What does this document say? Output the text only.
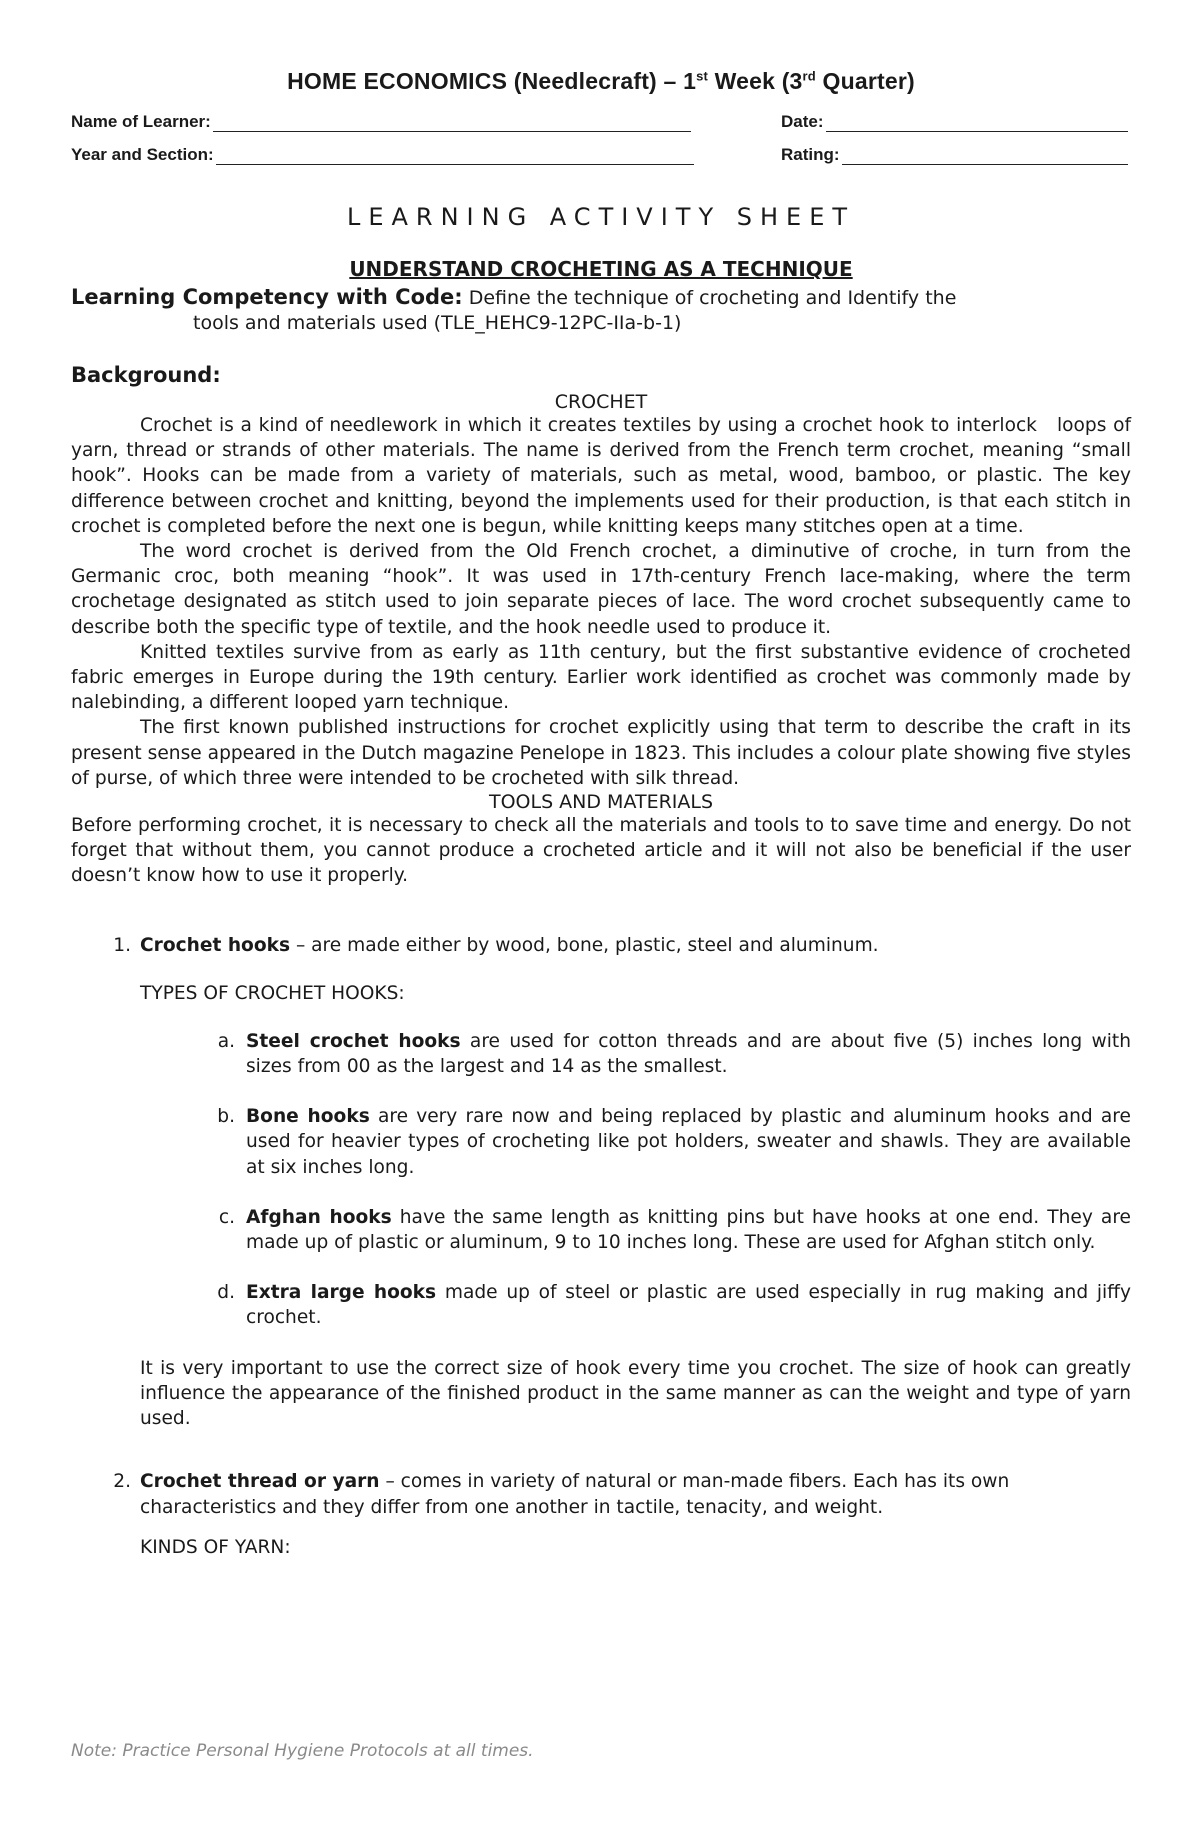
HOME ECONOMICS (Needlecraft) – 1st Week (3rd Quarter)
Name of Learner:	Date:
Year and Section:	Rating:
LEARNING ACTIVITY SHEET
UNDERSTAND CROCHETING AS A TECHNIQUE
Learning Competency with Code: Define the technique of crocheting and Identify the
tools and materials used (TLE_HEHC9-12PC-IIa-b-1)
Background:
CROCHET

Crochet is a kind of needlework in which it creates textiles by using a crochet hook to interlock   loops of yarn, thread or strands of other materials. The name is derived from the French term crochet, meaning “small hook”. Hooks can be made from a variety of materials, such as metal, wood, bamboo, or plastic. The key difference between crochet and knitting, beyond the implements used for their production, is that each stitch in crochet is completed before the next one is begun, while knitting keeps many stitches open at a time.

The word crochet is derived from the Old French crochet, a diminutive of croche, in turn from the Germanic croc, both meaning “hook”. It was used in 17th-century French lace-making, where the term crochetage designated as stitch used to join separate pieces of lace. The word crochet subsequently came to describe both the specific type of textile, and the hook needle used to produce it.

Knitted textiles survive from as early as 11th century, but the first substantive evidence of crocheted fabric emerges in Europe during the 19th century. Earlier work identified as crochet was commonly made by nalebinding, a different looped yarn technique.

The first known published instructions for crochet explicitly using that term to describe the craft in its present sense appeared in the Dutch magazine Penelope in 1823. This includes a colour plate showing five styles of purse, of which three were intended to be crocheted with silk thread.

TOOLS AND MATERIALS

Before performing crochet, it is necessary to check all the materials and tools to to save time and energy. Do not forget that without them, you cannot produce a crocheted article and it will not also be beneficial if the user doesn’t know how to use it properly.

1. Crochet hooks – are made either by wood, bone, plastic, steel and aluminum.
TYPES OF CROCHET HOOKS:
a. Steel crochet hooks are used for cotton threads and are about five (5) inches long with sizes from 00 as the largest and 14 as the smallest.
b. Bone hooks are very rare now and being replaced by plastic and aluminum hooks and are used for heavier types of crocheting like pot holders, sweater and shawls. They are available at six inches long.
c. Afghan hooks have the same length as knitting pins but have hooks at one end. They are made up of plastic or aluminum, 9 to 10 inches long. These are used for Afghan stitch only.
d. Extra large hooks made up of steel or plastic are used especially in rug making and jiffy crochet.
It is very important to use the correct size of hook every time you crochet. The size of hook can greatly influence the appearance of the finished product in the same manner as can the weight and type of yarn used.
2. Crochet thread or yarn – comes in variety of natural or man-made fibers. Each has its own characteristics and they differ from one another in tactile, tenacity, and weight.
KINDS OF YARN:
Note: Practice Personal Hygiene Protocols at all times.
